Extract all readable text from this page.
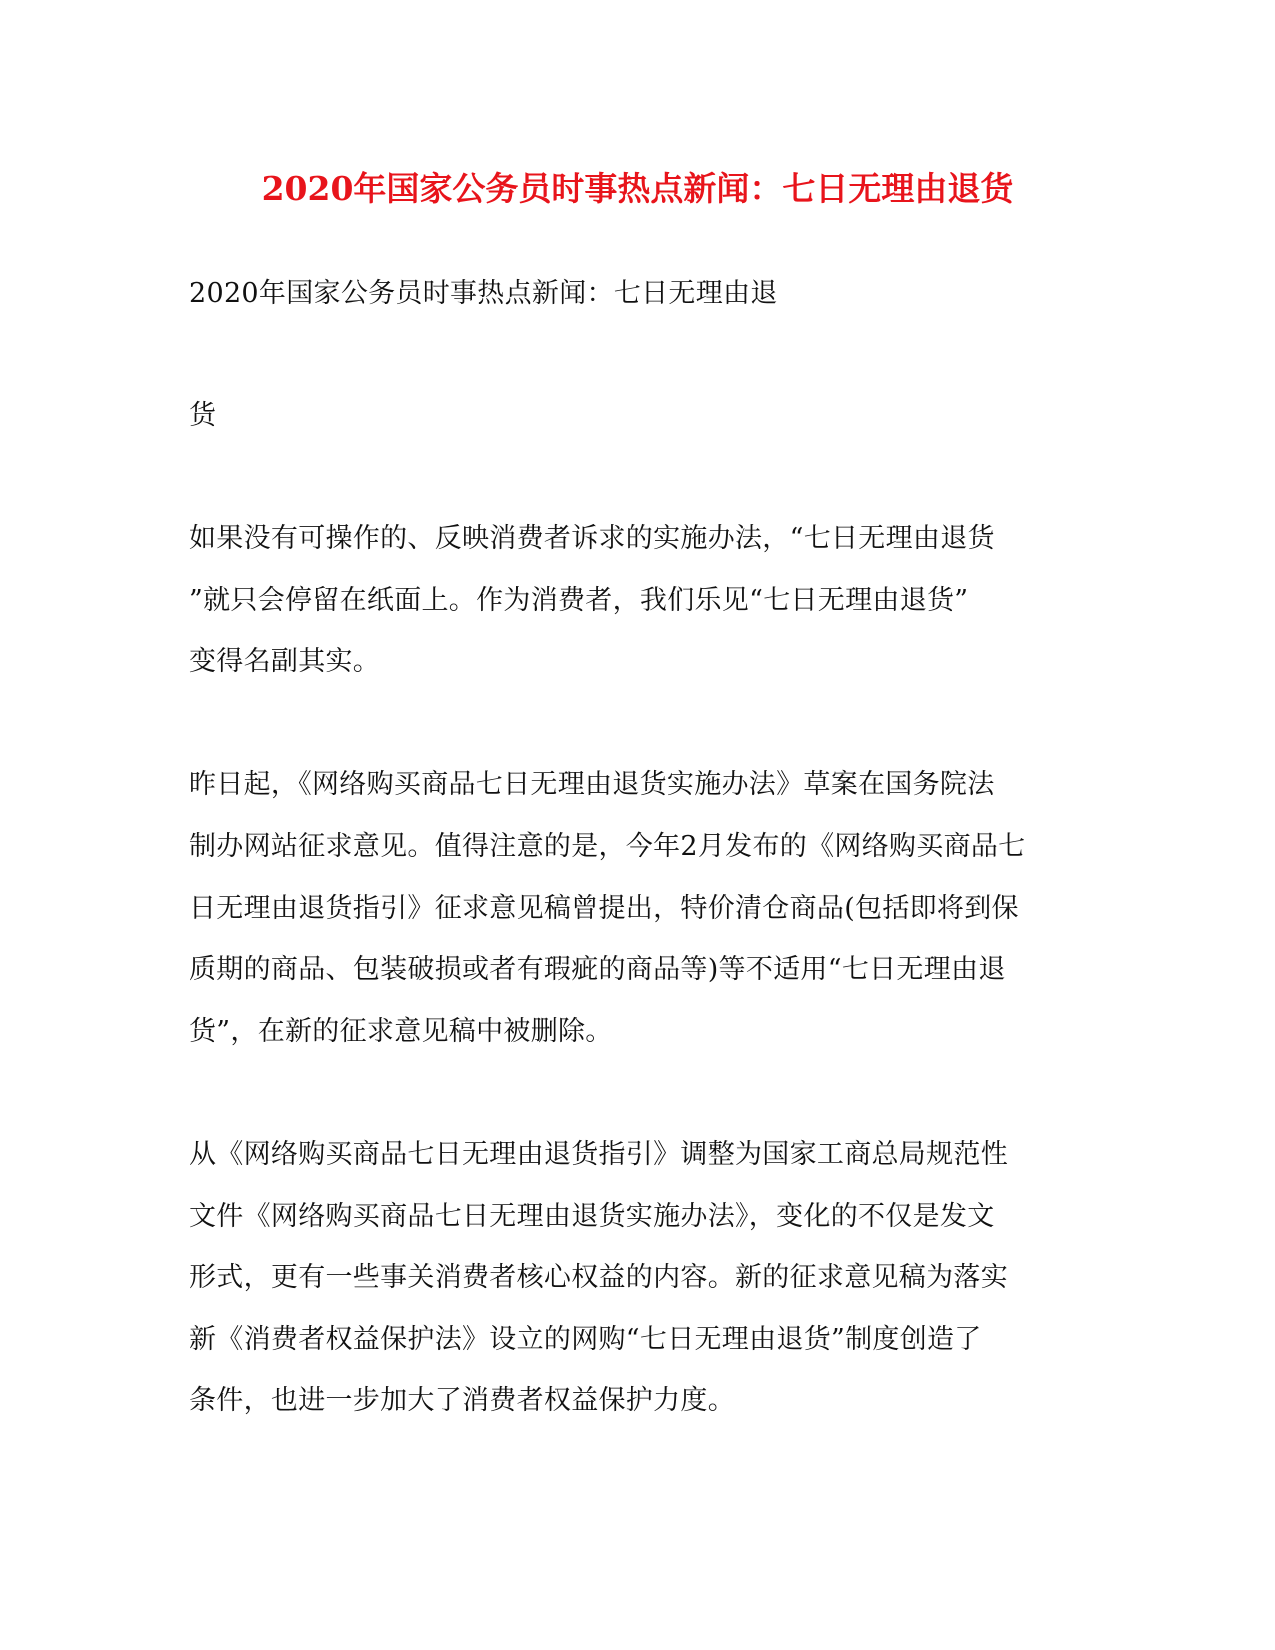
2020年国家公务员时事热点新闻：七日无理由退货
2020年国家公务员时事热点新闻：七日无理由退
货
如果没有可操作的、反映消费者诉求的实施办法，“七日无理由退货
”就只会停留在纸面上。作为消费者，我们乐见“七日无理由退货”
变得名副其实。
昨日起，《网络购买商品七日无理由退货实施办法》草案在国务院法
制办网站征求意见。值得注意的是，今年2月发布的《网络购买商品七
日无理由退货指引》征求意见稿曾提出，特价清仓商品(包括即将到保
质期的商品、包装破损或者有瑕疵的商品等)等不适用“七日无理由退
货”，在新的征求意见稿中被删除。
从《网络购买商品七日无理由退货指引》调整为国家工商总局规范性
文件《网络购买商品七日无理由退货实施办法》，变化的不仅是发文
形式，更有一些事关消费者核心权益的内容。新的征求意见稿为落实
新《消费者权益保护法》设立的网购“七日无理由退货”制度创造了
条件，也进一步加大了消费者权益保护力度。
